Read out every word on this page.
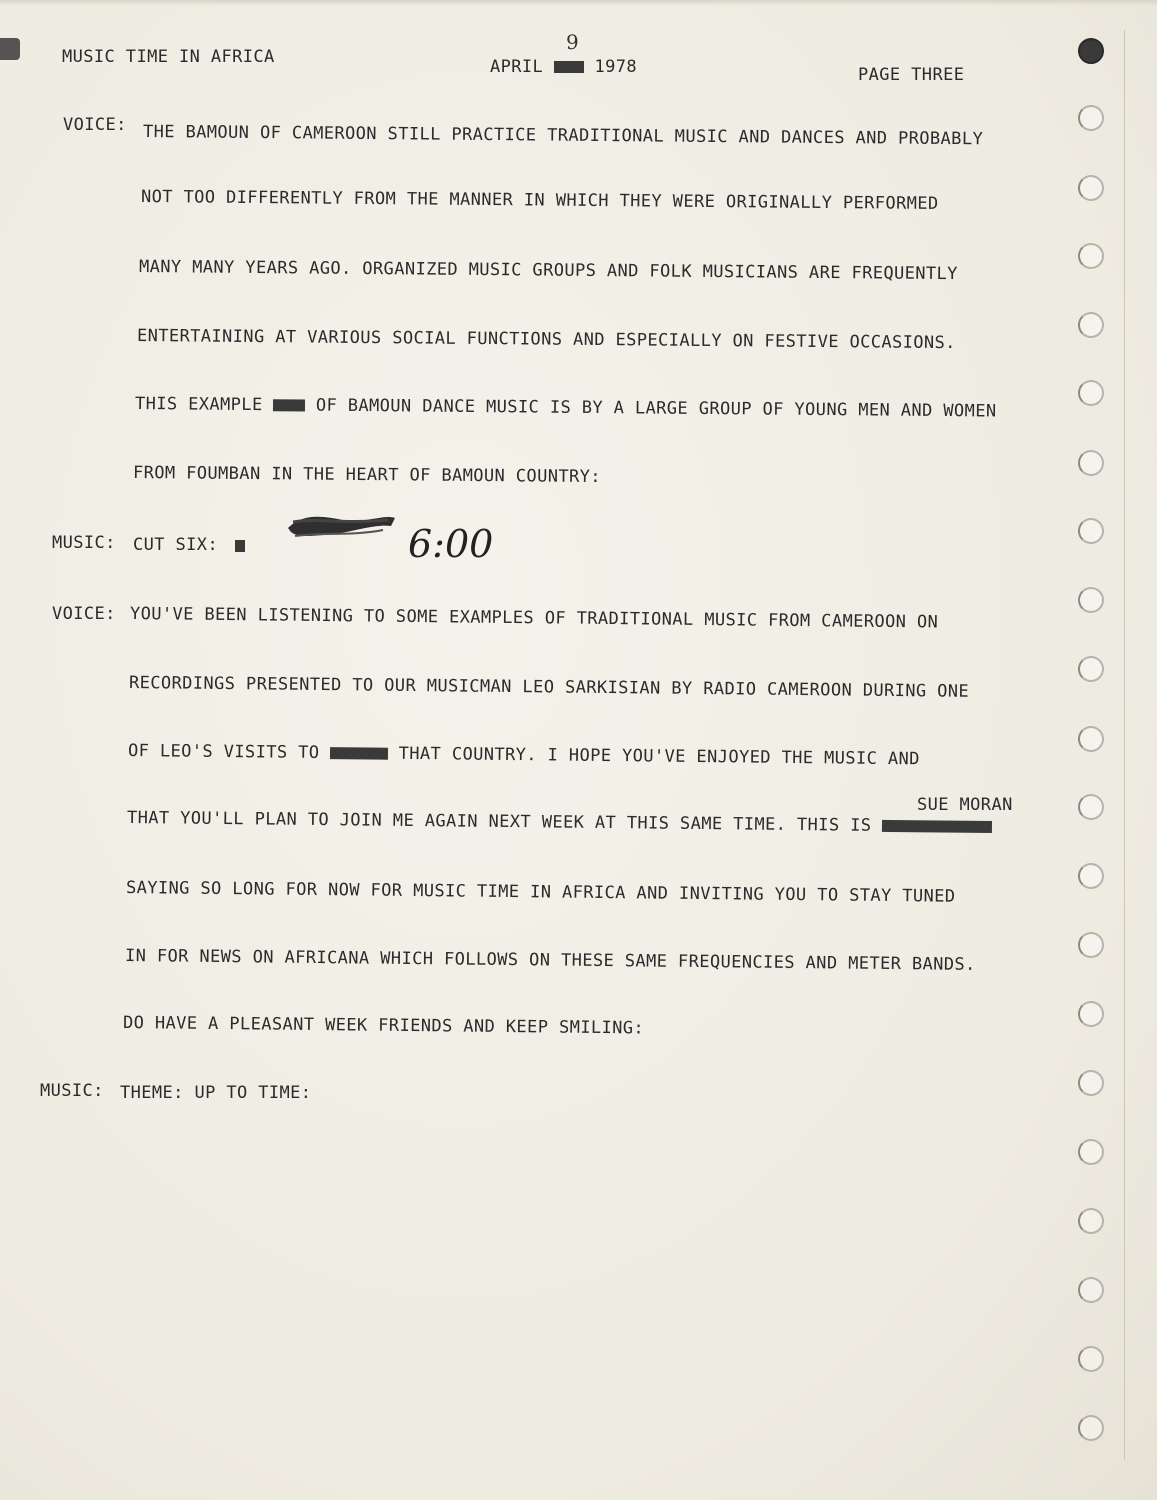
MUSIC TIME IN AFRICA
9
APRIL	1978	PAGE THREE
VOICE: THE BAMOUN OF CAMEROON STILL PRACTICE TRADITIONAL MUSIC AND DANCES AND PROBABLY
NOT TOO DIFFERENTLY FROM THE MANNER IN WHICH THEY WERE ORIGINALLY PERFORMED
MANY MANY YEARS AGO. ORGANIZED MUSIC GROUPS AND FOLK MUSICIANS ARE FREQUENTLY
ENTERTAINING AT VARIOUS SOCIAL FUNCTIONS AND ESPECIALLY ON FESTIVE OCCASIONS.
THIS EXAMPLE	OF BAMOUN DANCE MUSIC IS BY A LARGE GROUP OF YOUNG MEN AND WOMEN
FROM FOUMBAN IN THE HEART OF BAMOUN COUNTRY:
MUSIC: CUT SIX:	6:00
VOICE: YOU'VE BEEN LISTENING TO SOME EXAMPLES OF TRADITIONAL MUSIC FROM CAMEROON ON
RECORDINGS PRESENTED TO OUR MUSICMAN LEO SARKISIAN BY RADIO CAMEROON DURING ONE
OF LEO'S VISITS TO	THAT COUNTRY. I HOPE YOU'VE ENJOYED THE MUSIC AND
SUE MORAN
THAT YOU'LL PLAN TO JOIN ME AGAIN NEXT WEEK AT THIS SAME TIME. THIS IS
SAYING SO LONG FOR NOW FOR MUSIC TIME IN AFRICA AND INVITING YOU TO STAY TUNED
IN FOR NEWS ON AFRICANA WHICH FOLLOWS ON THESE SAME FREQUENCIES AND METER BANDS.
DO HAVE A PLEASANT WEEK FRIENDS AND KEEP SMILING:
MUSIC: THEME: UP TO TIME:
